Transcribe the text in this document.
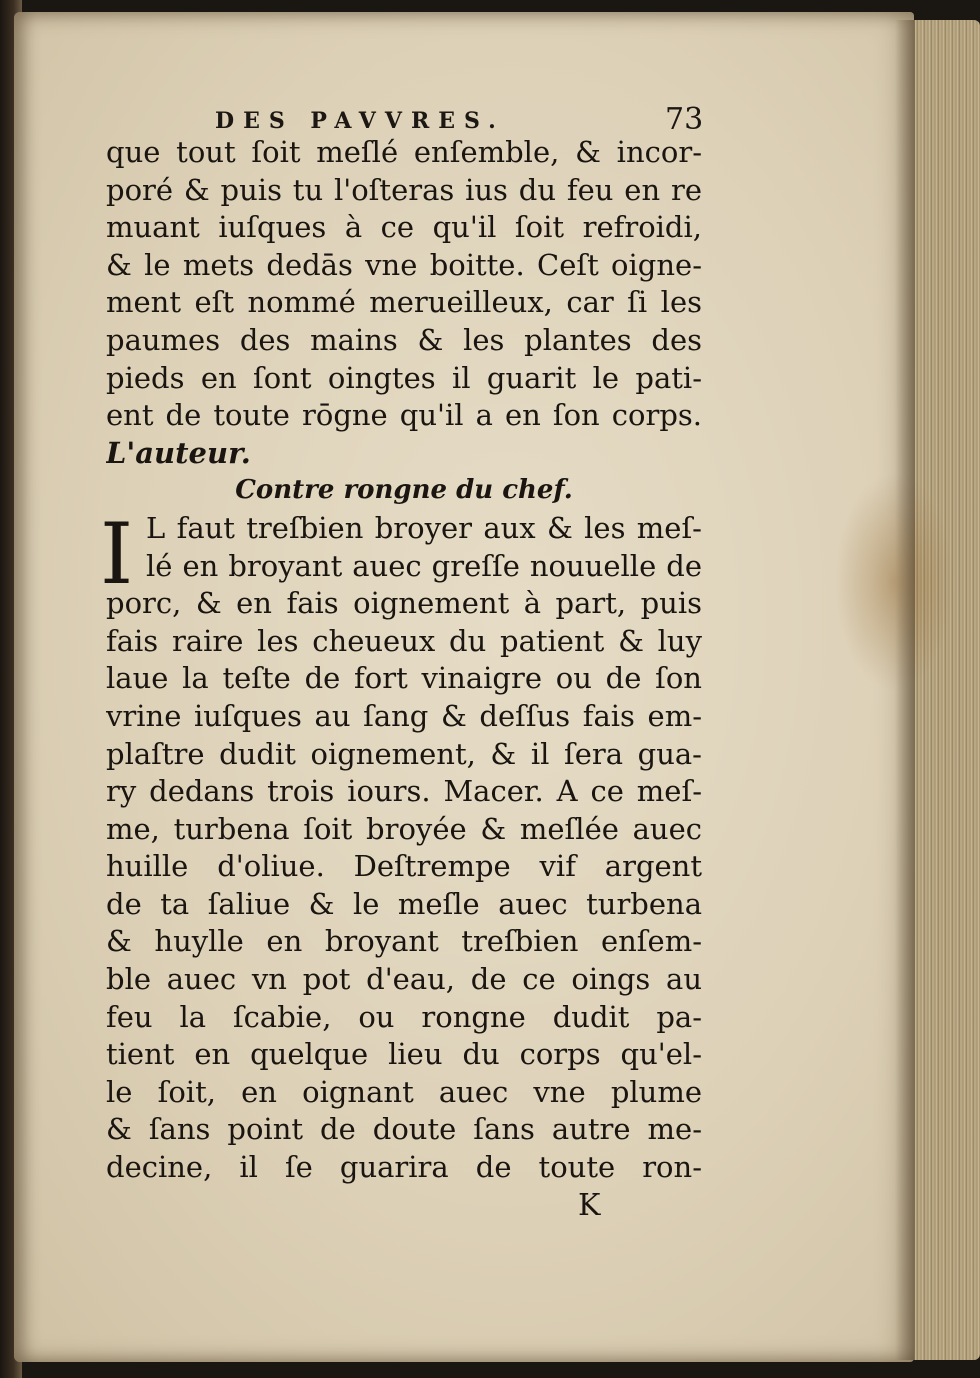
DES PAVVRES.	73
I
que tout ſoit meſlé enſemble, & incor-
poré & puis tu l'oſteras ius du feu en re
muant iuſques à ce qu'il ſoit refroidi,
& le mets dedās vne boitte. Ceſt oigne-
ment eſt nommé merueilleux, car ſi les
paumes des mains & les plantes des
pieds en ſont oingtes il guarit le pati-
ent de toute rōgne qu'il a en ſon corps.
L'auteur.
Contre rongne du chef.
L faut treſbien broyer aux & les meſ-
lé en broyant auec greſſe nouuelle de
porc, & en fais oignement à part, puis
fais raire les cheueux du patient & luy
laue la teſte de fort vinaigre ou de ſon
vrine iuſques au ſang & deſſus fais em-
plaſtre dudit oignement, & il ſera gua-
ry dedans trois iours. Macer. A ce meſ-
me, turbena ſoit broyée & meſlée auec
huille d'oliue. Deſtrempe vif argent
de ta ſaliue & le meſle auec turbena
& huylle en broyant treſbien enſem-
ble auec vn pot d'eau, de ce oings au
feu la ſcabie, ou rongne dudit pa-
tient en quelque lieu du corps qu'el-
le ſoit, en oignant auec vne plume
& ſans point de doute ſans autre me-
decine, il ſe guarira de toute ron-
K
